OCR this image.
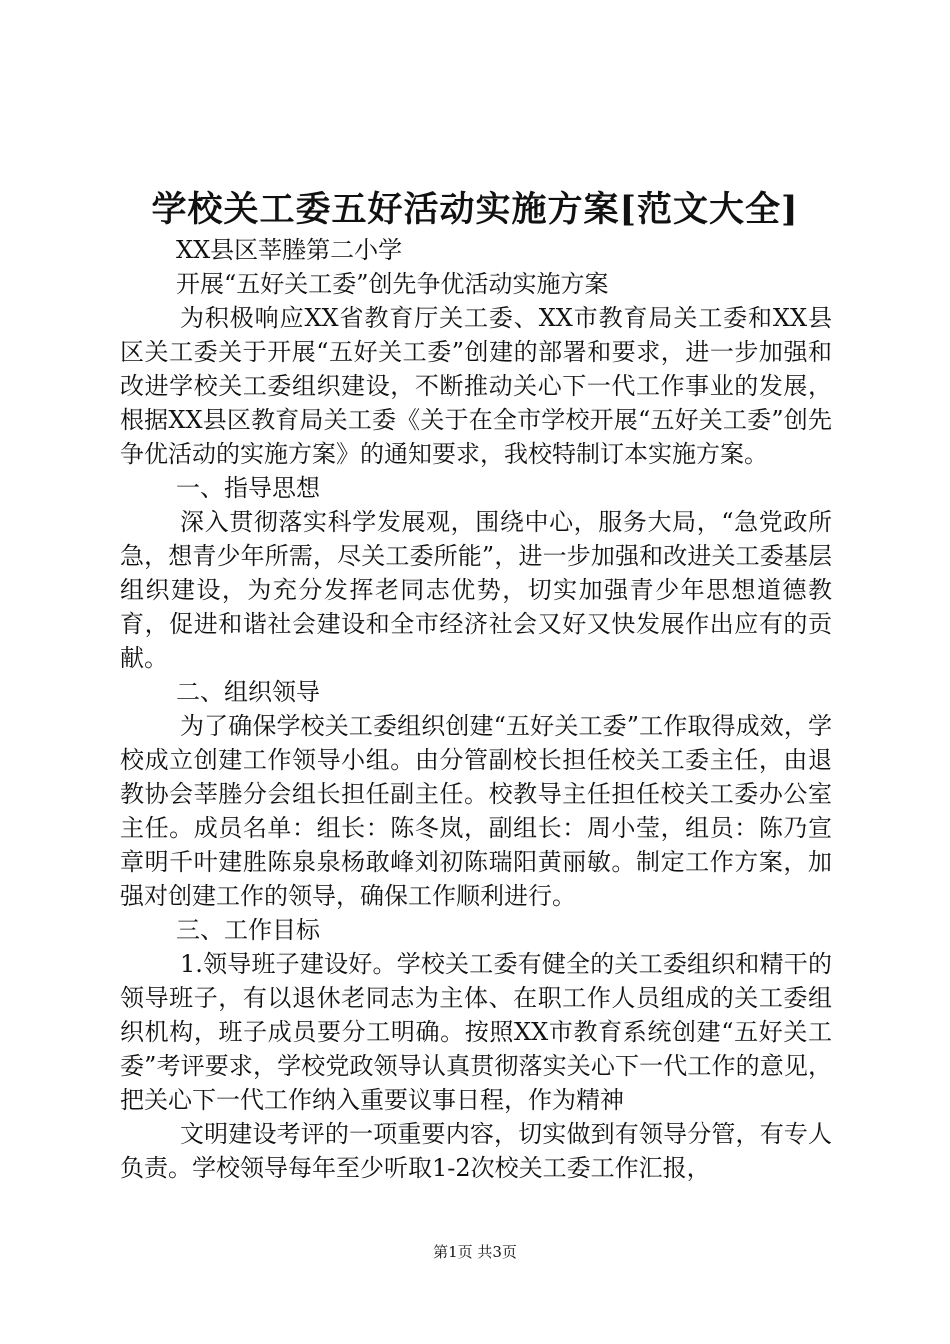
学校关工委五好活动实施方案[范文大全]

XX县区莘塍第二小学

开展“五好关工委”创先争优活动实施方案

为积极响应XX省教育厅关工委、XX市教育局关工委和XX县区关工委关于开展“五好关工委”创建的部署和要求，进一步加强和改进学校关工委组织建设，不断推动关心下一代工作事业的发展，根据XX县区教育局关工委《关于在全市学校开展“五好关工委”创先争优活动的实施方案》的通知要求，我校特制订本实施方案。

一、指导思想

深入贯彻落实科学发展观，围绕中心，服务大局，“急党政所急，想青少年所需，尽关工委所能”，进一步加强和改进关工委基层组织建设，为充分发挥老同志优势，切实加强青少年思想道德教育，促进和谐社会建设和全市经济社会又好又快发展作出应有的贡献。

二、组织领导

为了确保学校关工委组织创建“五好关工委”工作取得成效，学校成立创建工作领导小组。由分管副校长担任校关工委主任，由退教协会莘塍分会组长担任副主任。校教导主任担任校关工委办公室主任。成员名单：组长：陈冬岚，副组长：周小莹，组员：陈乃宣章明千叶建胜陈泉泉杨敢峰刘初陈瑞阳黄丽敏。制定工作方案，加强对创建工作的领导，确保工作顺利进行。

三、工作目标

1.领导班子建设好。学校关工委有健全的关工委组织和精干的领导班子，有以退休老同志为主体、在职工作人员组成的关工委组织机构，班子成员要分工明确。按照XX市教育系统创建“五好关工委”考评要求，学校党政领导认真贯彻落实关心下一代工作的意见，把关心下一代工作纳入重要议事日程，作为精神

文明建设考评的一项重要内容，切实做到有领导分管，有专人负责。学校领导每年至少听取1-2次校关工委工作汇报，

第1页 共3页
